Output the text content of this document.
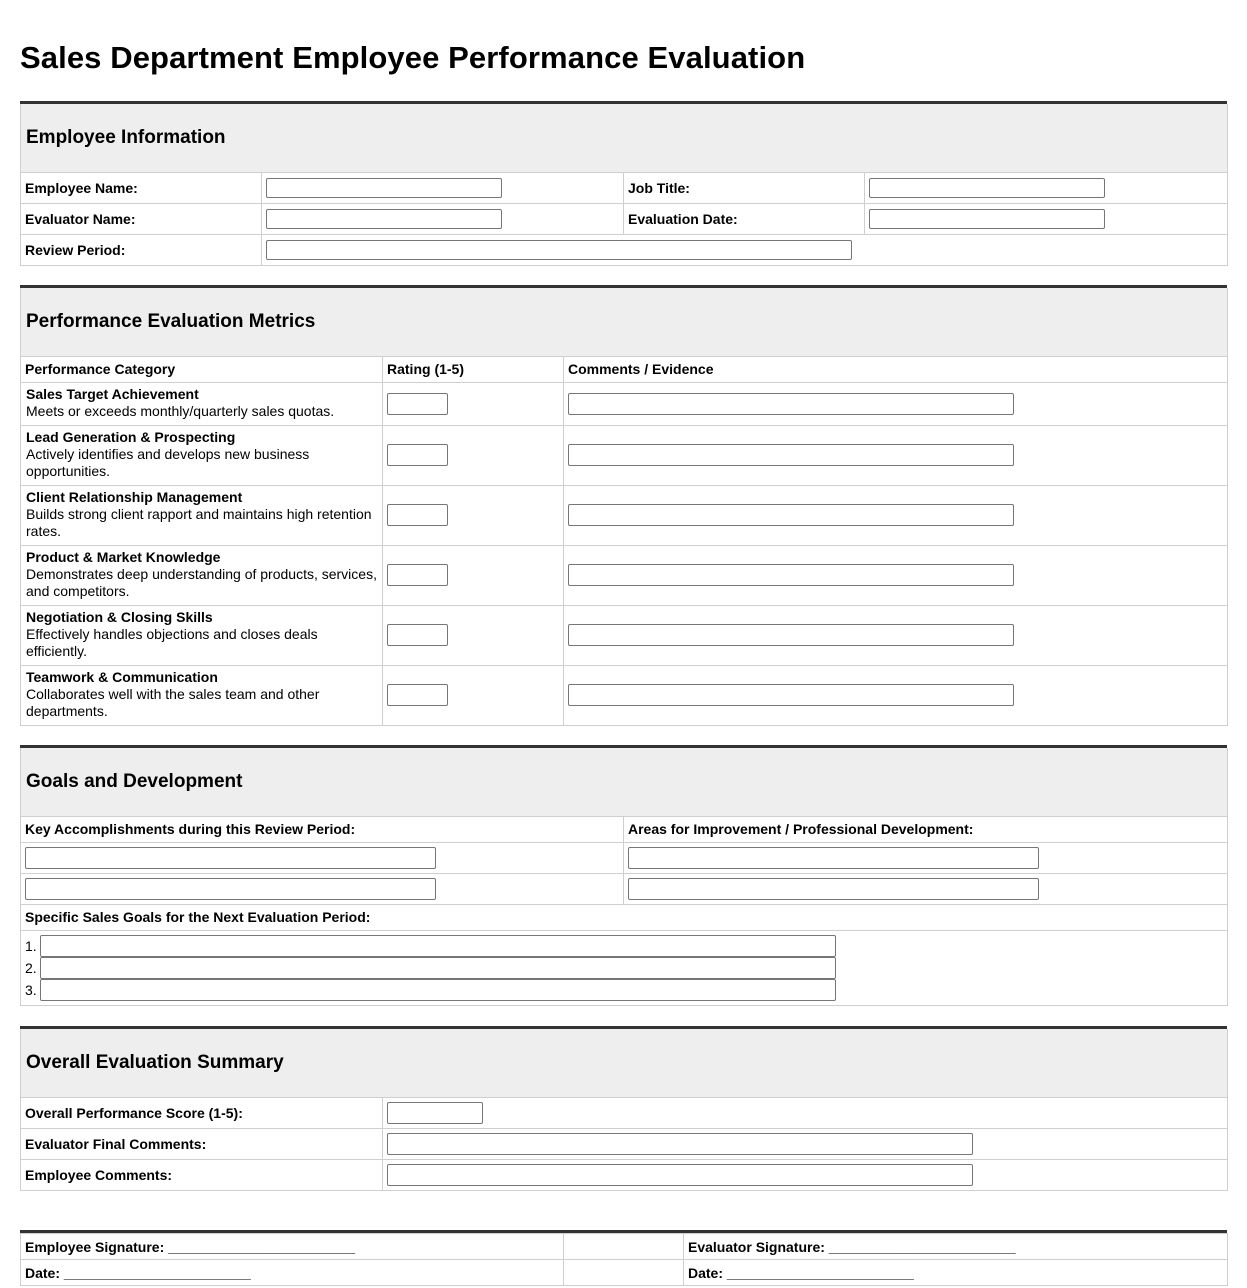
Sales Department Employee Performance Evaluation
Employee Information			
Employee Name:		Job Title:	
Evaluator Name:		Evaluation Date:	
Review Period:			
Performance Evaluation Metrics		
Performance Category	Rating (1-5)	Comments / Evidence

Sales Target Achievement
Meets or exceeds monthly/quarterly sales quotas.		

Lead Generation & Prospecting
Actively identifies and develops new business opportunities.		

Client Relationship Management
Builds strong client rapport and maintains high retention rates.		

Product & Market Knowledge
Demonstrates deep understanding of products, services, and competitors.		

Negotiation & Closing Skills
Effectively handles objections and closes deals efficiently.		

Teamwork & Communication
Collaborates well with the sales team and other departments.		

Goals and Development	
Key Accomplishments during this Review Period:	Areas for Improvement / Professional Development:

Specific Sales Goals for the Next Evaluation Period:	

1.
2.
3.	
Overall Evaluation Summary	
Overall Performance Score (1-5):	
Evaluator Final Comments:	
Employee Comments:	
Employee Signature: ________________________		Evaluator Signature: ________________________
Date: ________________________		Date: ________________________
